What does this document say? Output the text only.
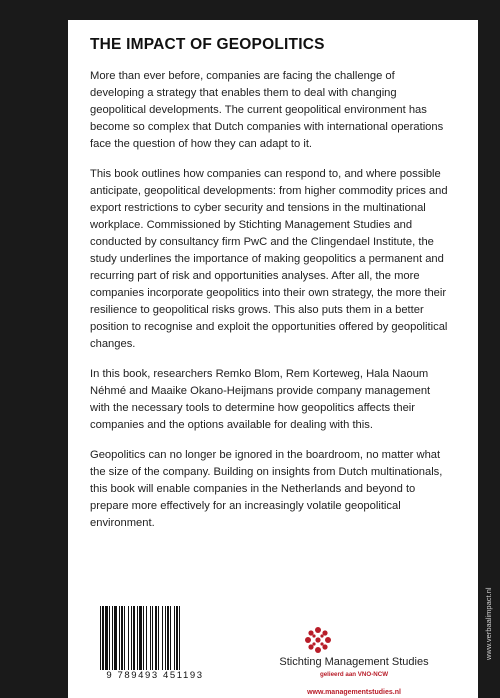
www.verbaalimpact.nl
THE IMPACT OF GEOPOLITICS

More than ever before, companies are facing the challenge of developing a strategy that enables them to deal with changing geopolitical developments. The current geopolitical environment has become so complex that Dutch companies with international operations face the question of how they can adapt to it.

This book outlines how companies can respond to, and where possible anticipate, geopolitical developments: from higher commodity prices and export restrictions to cyber security and tensions in the multinational workplace. Commissioned by Stichting Management Studies and conducted by consultancy firm PwC and the Clingendael Institute, the study underlines the importance of making geopolitics a permanent and recurring part of risk and opportunities analyses. After all, the more companies incorporate geopolitics into their own strategy, the more their resilience to geopolitical risks grows. This also puts them in a better position to recognise and exploit the opportunities offered by geopolitical changes.

In this book, researchers Remko Blom, Rem Korteweg, Hala Naoum Néhmé and Maaike Okano-Heijmans provide company management with the necessary tools to determine how geopolitics affects their companies and the options available for dealing with this.

Geopolitics can no longer be ignored in the boardroom, no matter what the size of the company. Building on insights from Dutch multinationals, this book will enable companies in the Netherlands and beyond to prepare more effectively for an increasingly volatile geopolitical environment.

9 789493 451193
Stichting Management Studies
gelieerd aan VNO-NCW
www.managementstudies.nl
